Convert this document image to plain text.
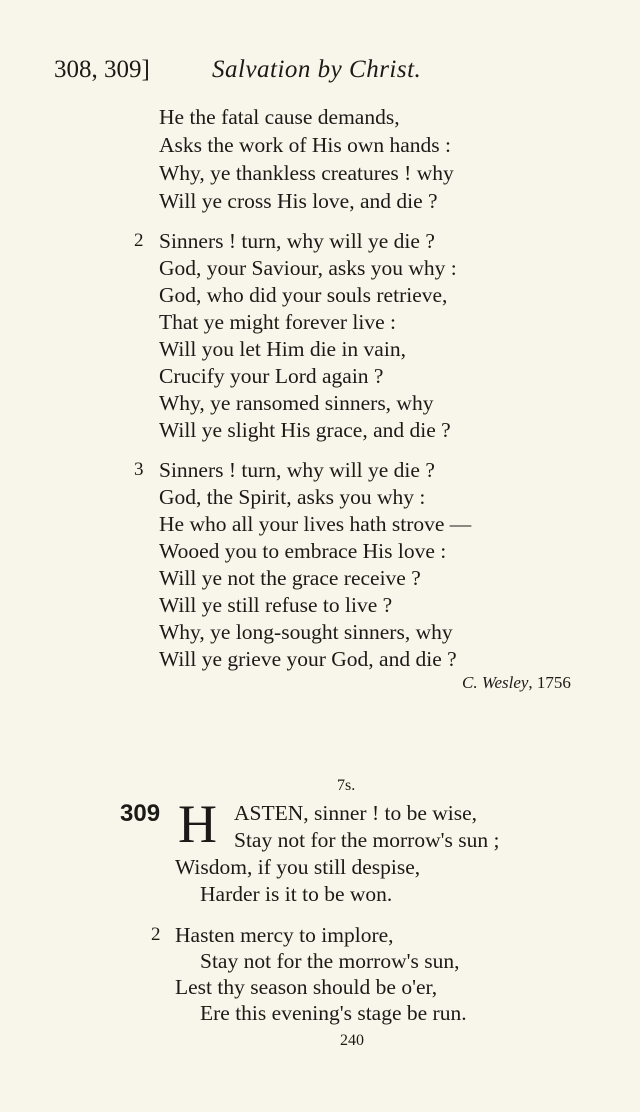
308, 309] Salvation by Christ.
He the fatal cause demands,
Asks the work of His own hands :
Why, ye thankless creatures ! why
Will ye cross His love, and die ?
2 Sinners ! turn, why will ye die ?
God, your Saviour, asks you why :
God, who did your souls retrieve,
That ye might forever live :
Will you let Him die in vain,
Crucify your Lord again ?
Why, ye ransomed sinners, why
Will ye slight His grace, and die ?
3 Sinners ! turn, why will ye die ?
God, the Spirit, asks you why :
He who all your lives hath strove —
Wooed you to embrace His love :
Will ye not the grace receive ?
Will ye still refuse to live ?
Why, ye long-sought sinners, why
Will ye grieve your God, and die ?
C. Wesley, 1756
7s.
309 H ASTEN, sinner ! to be wise,
Stay not for the morrow's sun ;
Wisdom, if you still despise,
Harder is it to be won.
2 Hasten mercy to implore,
Stay not for the morrow's sun,
Lest thy season should be o'er,
Ere this evening's stage be run.
240
